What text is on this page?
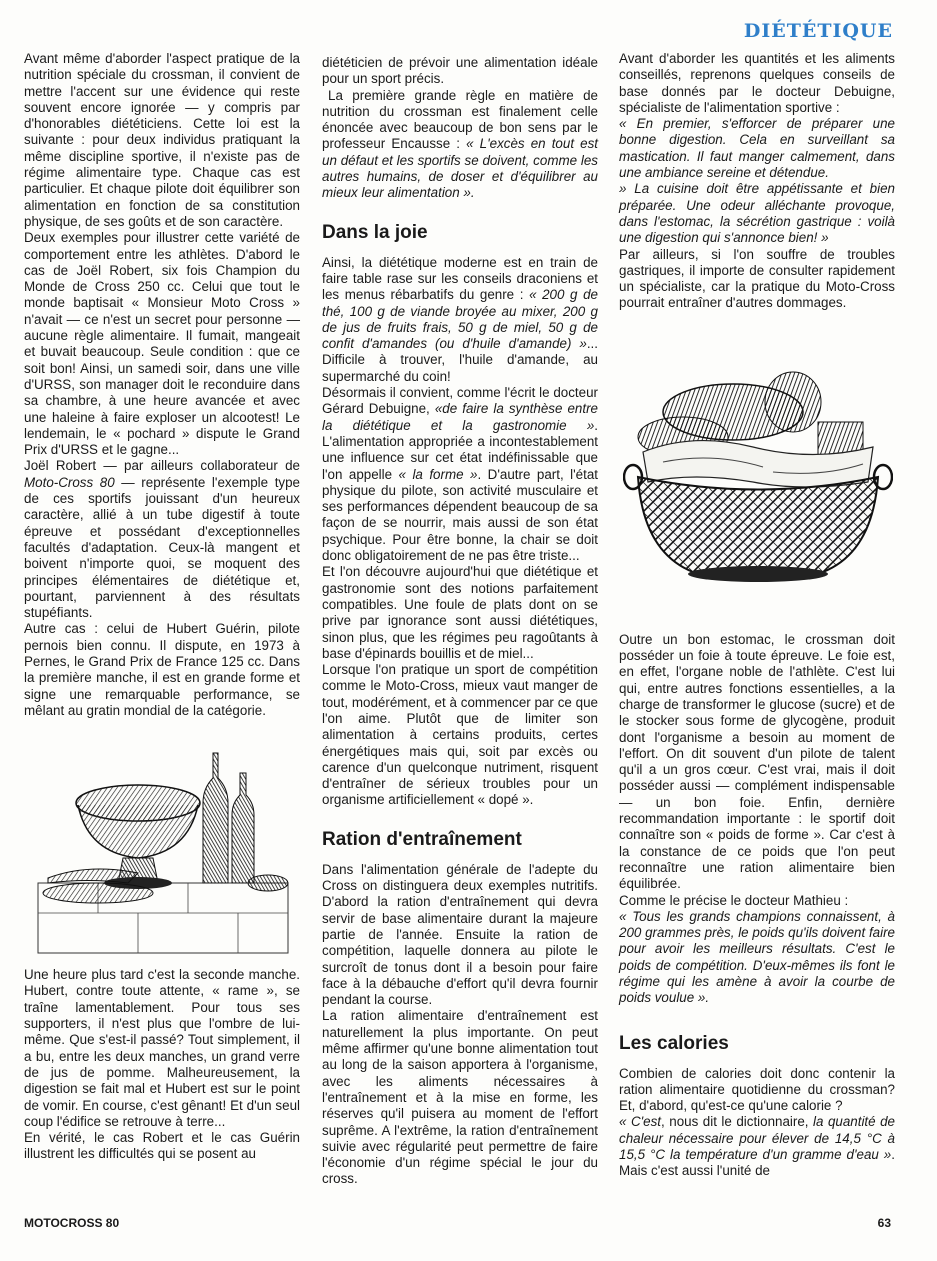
DIÉTÉTIQUE

Avant même d'aborder l'aspect pratique de la nutrition spéciale du crossman, il convient de mettre l'accent sur une évidence qui reste souvent encore ignorée — y compris par d'honorables diététiciens. Cette loi est la suivante : pour deux individus pratiquant la même discipline sportive, il n'existe pas de régime alimentaire type. Chaque cas est particulier. Et chaque pilote doit équilibrer son alimentation en fonction de sa constitution physique, de ses goûts et de son caractère.

Deux exemples pour illustrer cette variété de comportement entre les athlètes. D'abord le cas de Joël Robert, six fois Champion du Monde de Cross 250 cc. Celui que tout le monde baptisait « Monsieur Moto Cross » n'avait — ce n'est un secret pour personne — aucune règle alimentaire. Il fumait, mangeait et buvait beaucoup. Seule condition : que ce soit bon! Ainsi, un samedi soir, dans une ville d'URSS, son manager doit le reconduire dans sa chambre, à une heure avancée et avec une haleine à faire exploser un alcootest! Le lendemain, le « pochard » dispute le Grand Prix d'URSS et le gagne...

Joël Robert — par ailleurs collaborateur de Moto-Cross 80 — représente l'exemple type de ces sportifs jouissant d'un heureux caractère, allié à un tube digestif à toute épreuve et possédant d'exceptionnelles facultés d'adaptation. Ceux-là mangent et boivent n'importe quoi, se moquent des principes élémentaires de diététique et, pourtant, parviennent à des résultats stupéfiants.

Autre cas : celui de Hubert Guérin, pilote pernois bien connu. Il dispute, en 1973 à Pernes, le Grand Prix de France 125 cc. Dans la première manche, il est en grande forme et signe une remarquable performance, se mêlant au gratin mondial de la catégorie.

Une heure plus tard c'est la seconde manche. Hubert, contre toute attente, « rame », se traîne lamentablement. Pour tous ses supporters, il n'est plus que l'ombre de lui-même. Que s'est-il passé? Tout simplement, il a bu, entre les deux manches, un grand verre de jus de pomme. Malheureusement, la digestion se fait mal et Hubert est sur le point de vomir. En course, c'est gênant! Et d'un seul coup l'édifice se retrouve à terre...

En vérité, le cas Robert et le cas Guérin illustrent les difficultés qui se posent au

diététicien de prévoir une alimentation idéale pour un sport précis.

La première grande règle en matière de nutrition du crossman est finalement celle énoncée avec beaucoup de bon sens par le professeur Encausse : « L'excès en tout est un défaut et les sportifs se doivent, comme les autres humains, de doser et d'équilibrer au mieux leur alimentation ».

Dans la joie

Ainsi, la diététique moderne est en train de faire table rase sur les conseils draconiens et les menus rébarbatifs du genre : « 200 g de thé, 100 g de viande broyée au mixer, 200 g de jus de fruits frais, 50 g de miel, 50 g de confit d'amandes (ou d'huile d'amande) »... Difficile à trouver, l'huile d'amande, au supermarché du coin!

Désormais il convient, comme l'écrit le docteur Gérard Debuigne, «de faire la synthèse entre la diététique et la gastronomie ». L'alimentation appropriée a incontestablement une influence sur cet état indéfinissable que l'on appelle « la forme ». D'autre part, l'état physique du pilote, son activité musculaire et ses performances dépendent beaucoup de sa façon de se nourrir, mais aussi de son état psychique. Pour être bonne, la chair se doit donc obligatoirement de ne pas être triste...

Et l'on découvre aujourd'hui que diététique et gastronomie sont des notions parfaitement compatibles. Une foule de plats dont on se prive par ignorance sont aussi diététiques, sinon plus, que les régimes peu ragoûtants à base d'épinards bouillis et de miel...

Lorsque l'on pratique un sport de compétition comme le Moto-Cross, mieux vaut manger de tout, modérément, et à commencer par ce que l'on aime. Plutôt que de limiter son alimentation à certains produits, certes énergétiques mais qui, soit par excès ou carence d'un quelconque nutriment, risquent d'entraîner de sérieux troubles pour un organisme artificiellement « dopé ».

Ration d'entraînement

Dans l'alimentation générale de l'adepte du Cross on distinguera deux exemples nutritifs. D'abord la ration d'entraînement qui devra servir de base alimentaire durant la majeure partie de l'année. Ensuite la ration de compétition, laquelle donnera au pilote le surcroît de tonus dont il a besoin pour faire face à la débauche d'effort qu'il devra fournir pendant la course.

La ration alimentaire d'entraînement est naturellement la plus importante. On peut même affirmer qu'une bonne alimentation tout au long de la saison apportera à l'organisme, avec les aliments nécessaires à l'entraînement et à la mise en forme, les réserves qu'il puisera au moment de l'effort suprême. A l'extrême, la ration d'entraînement suivie avec régularité peut permettre de faire l'économie d'un régime spécial le jour du cross.

Avant d'aborder les quantités et les aliments conseillés, reprenons quelques conseils de base donnés par le docteur Debuigne, spécialiste de l'alimentation sportive :

« En premier, s'efforcer de préparer une bonne digestion. Cela en surveillant sa mastication. Il faut manger calmement, dans une ambiance sereine et détendue.

» La cuisine doit être appétissante et bien préparée. Une odeur alléchante provoque, dans l'estomac, la sécrétion gastrique : voilà une digestion qui s'annonce bien! »

Par ailleurs, si l'on souffre de troubles gastriques, il importe de consulter rapidement un spécialiste, car la pratique du Moto-Cross pourrait entraîner d'autres dommages.

Outre un bon estomac, le crossman doit posséder un foie à toute épreuve. Le foie est, en effet, l'organe noble de l'athlète. C'est lui qui, entre autres fonctions essentielles, a la charge de transformer le glucose (sucre) et de le stocker sous forme de glycogène, produit dont l'organisme a besoin au moment de l'effort. On dit souvent d'un pilote de talent qu'il a un gros cœur. C'est vrai, mais il doit posséder aussi — complément indispensable — un bon foie. Enfin, dernière recommandation importante : le sportif doit connaître son « poids de forme ». Car c'est à la constance de ce poids que l'on peut reconnaître une ration alimentaire bien équilibrée.

Comme le précise le docteur Mathieu :

« Tous les grands champions connaissent, à 200 grammes près, le poids qu'ils doivent faire pour avoir les meilleurs résultats. C'est le poids de compétition. D'eux-mêmes ils font le régime qui les amène à avoir la courbe de poids voulue ».

Les calories

Combien de calories doit donc contenir la ration alimentaire quotidienne du crossman? Et, d'abord, qu'est-ce qu'une calorie ?

« C'est, nous dit le dictionnaire, la quantité de chaleur nécessaire pour élever de 14,5 °C à 15,5 °C la température d'un gramme d'eau ». Mais c'est aussi l'unité de

MOTOCROSS 80	63
